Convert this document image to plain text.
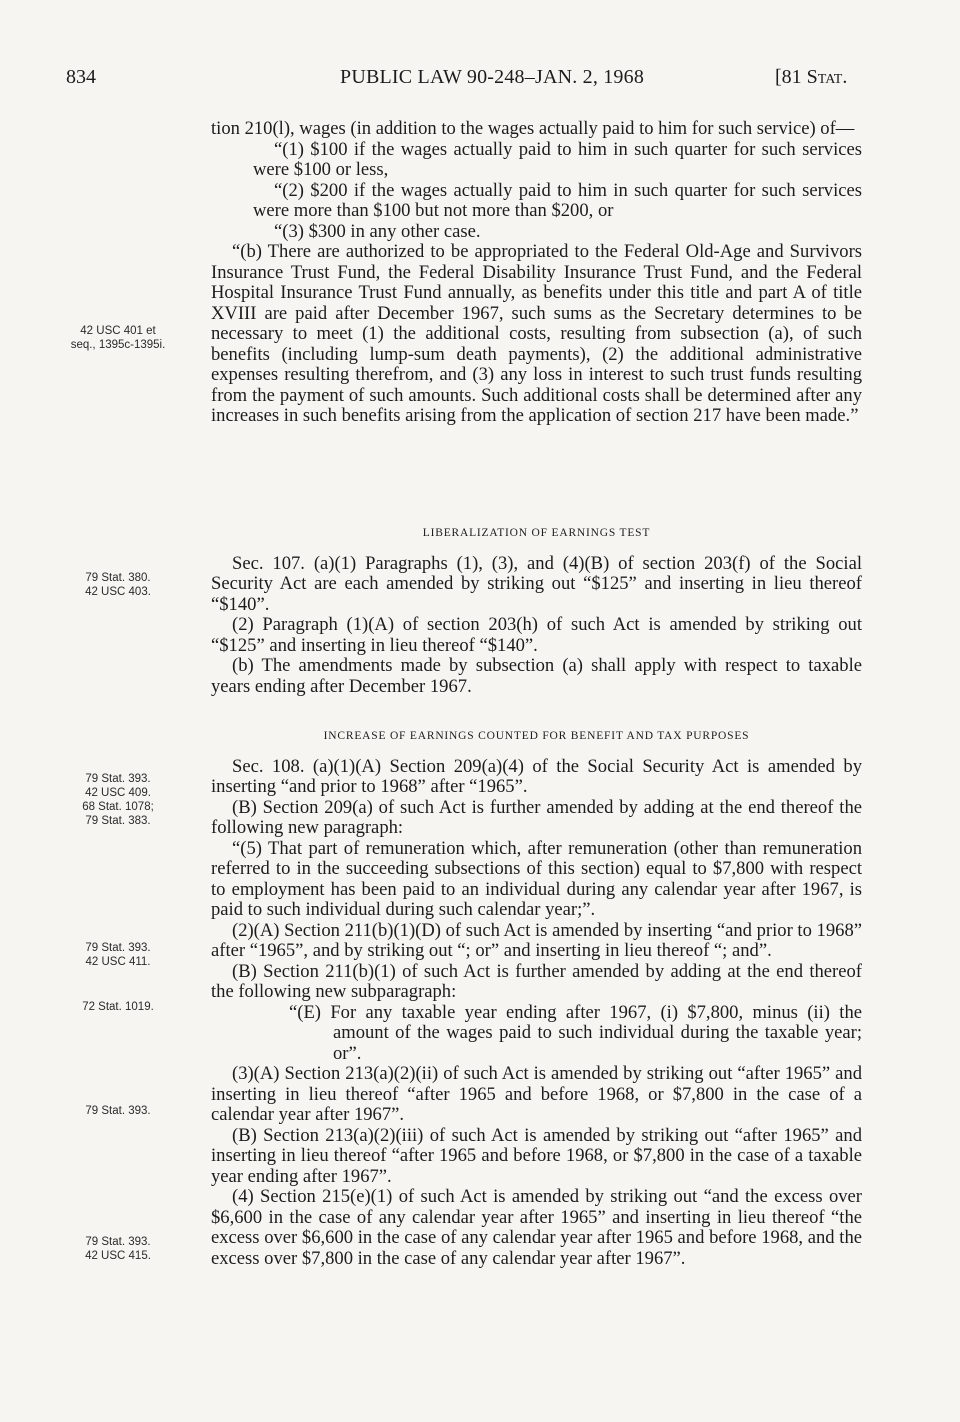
834	PUBLIC LAW 90-248–JAN. 2, 1968	[81 Stat.
42 USC 401 et
seq., 1395c-1395i.
79 Stat. 380.
42 USC 403.
79 Stat. 393.
42 USC 409.
68 Stat. 1078;
79 Stat. 383.
79 Stat. 393.
42 USC 411.
72 Stat. 1019.
79 Stat. 393.
79 Stat. 393.
42 USC 415.

tion 210(l), wages (in addition to the wages actually paid to him for such service) of—

“(1) $100 if the wages actually paid to him in such quarter for such services were $100 or less,

“(2) $200 if the wages actually paid to him in such quarter for such services were more than $100 but not more than $200, or

“(3) $300 in any other case.

“(b) There are authorized to be appropriated to the Federal Old-Age and Survivors Insurance Trust Fund, the Federal Disability Insurance Trust Fund, and the Federal Hospital Insurance Trust Fund annually, as benefits under this title and part A of title XVIII are paid after December 1967, such sums as the Secretary determines to be necessary to meet (1) the additional costs, resulting from subsection (a), of such benefits (including lump-sum death payments), (2) the additional administrative expenses resulting therefrom, and (3) any loss in interest to such trust funds resulting from the payment of such amounts. Such additional costs shall be determined after any increases in such benefits arising from the application of section 217 have been made.”

LIBERALIZATION OF EARNINGS TEST

Sec. 107. (a)(1) Paragraphs (1), (3), and (4)(B) of section 203(f) of the Social Security Act are each amended by striking out “$125” and inserting in lieu thereof “$140”.

(2) Paragraph (1)(A) of section 203(h) of such Act is amended by striking out “$125” and inserting in lieu thereof “$140”.

(b) The amendments made by subsection (a) shall apply with respect to taxable years ending after December 1967.

INCREASE OF EARNINGS COUNTED FOR BENEFIT AND TAX PURPOSES

Sec. 108. (a)(1)(A) Section 209(a)(4) of the Social Security Act is amended by inserting “and prior to 1968” after “1965”.

(B) Section 209(a) of such Act is further amended by adding at the end thereof the following new paragraph:

“(5) That part of remuneration which, after remuneration (other than remuneration referred to in the succeeding subsections of this section) equal to $7,800 with respect to employment has been paid to an individual during any calendar year after 1967, is paid to such individual during such calendar year;”.

(2)(A) Section 211(b)(1)(D) of such Act is amended by inserting “and prior to 1968” after “1965”, and by striking out “; or” and inserting in lieu thereof “; and”.

(B) Section 211(b)(1) of such Act is further amended by adding at the end thereof the following new subparagraph:

“(E) For any taxable year ending after 1967, (i) $7,800, minus (ii) the amount of the wages paid to such individual during the taxable year; or”.

(3)(A) Section 213(a)(2)(ii) of such Act is amended by striking out “after 1965” and inserting in lieu thereof “after 1965 and before 1968, or $7,800 in the case of a calendar year after 1967”.

(B) Section 213(a)(2)(iii) of such Act is amended by striking out “after 1965” and inserting in lieu thereof “after 1965 and before 1968, or $7,800 in the case of a taxable year ending after 1967”.

(4) Section 215(e)(1) of such Act is amended by striking out “and the excess over $6,600 in the case of any calendar year after 1965” and inserting in lieu thereof “the excess over $6,600 in the case of any calendar year after 1965 and before 1968, and the excess over $7,800 in the case of any calendar year after 1967”.
